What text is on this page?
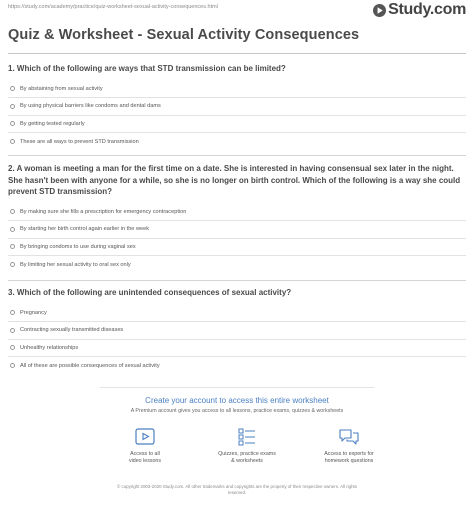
https://study.com/academy/practice/quiz-worksheet-sexual-activity-consequences.html	Study.com
Quiz & Worksheet - Sexual Activity Consequences
1. Which of the following are ways that STD transmission can be limited?
By abstaining from sexual activity
By using physical barriers like condoms and dental dams
By getting tested regularly
These are all ways to prevent STD transmission
2. A woman is meeting a man for the first time on a date. She is interested in having consensual sex later in the night. She hasn't been with anyone for a while, so she is no longer on birth control. Which of the following is a way she could prevent STD transmission?
By making sure she fills a prescription for emergency contraception
By starting her birth control again earlier in the week
By bringing condoms to use during vaginal sex
By limiting her sexual activity to oral sex only
3. Which of the following are unintended consequences of sexual activity?
Pregnancy
Contracting sexually transmitted diseases
Unhealthy relationships
All of these are possible consequences of sexual activity
Create your account to access this entire worksheet
A Premium account gives you access to all lessons, practice exams, quizzes & worksheets
Access to all
video lessons
Quizzes, practice exams
& worksheets
Access to experts for
homework questions
© copyright 2003-2020 Study.com. All other trademarks and copyrights are the property of their respective owners. All rights
reserved.
